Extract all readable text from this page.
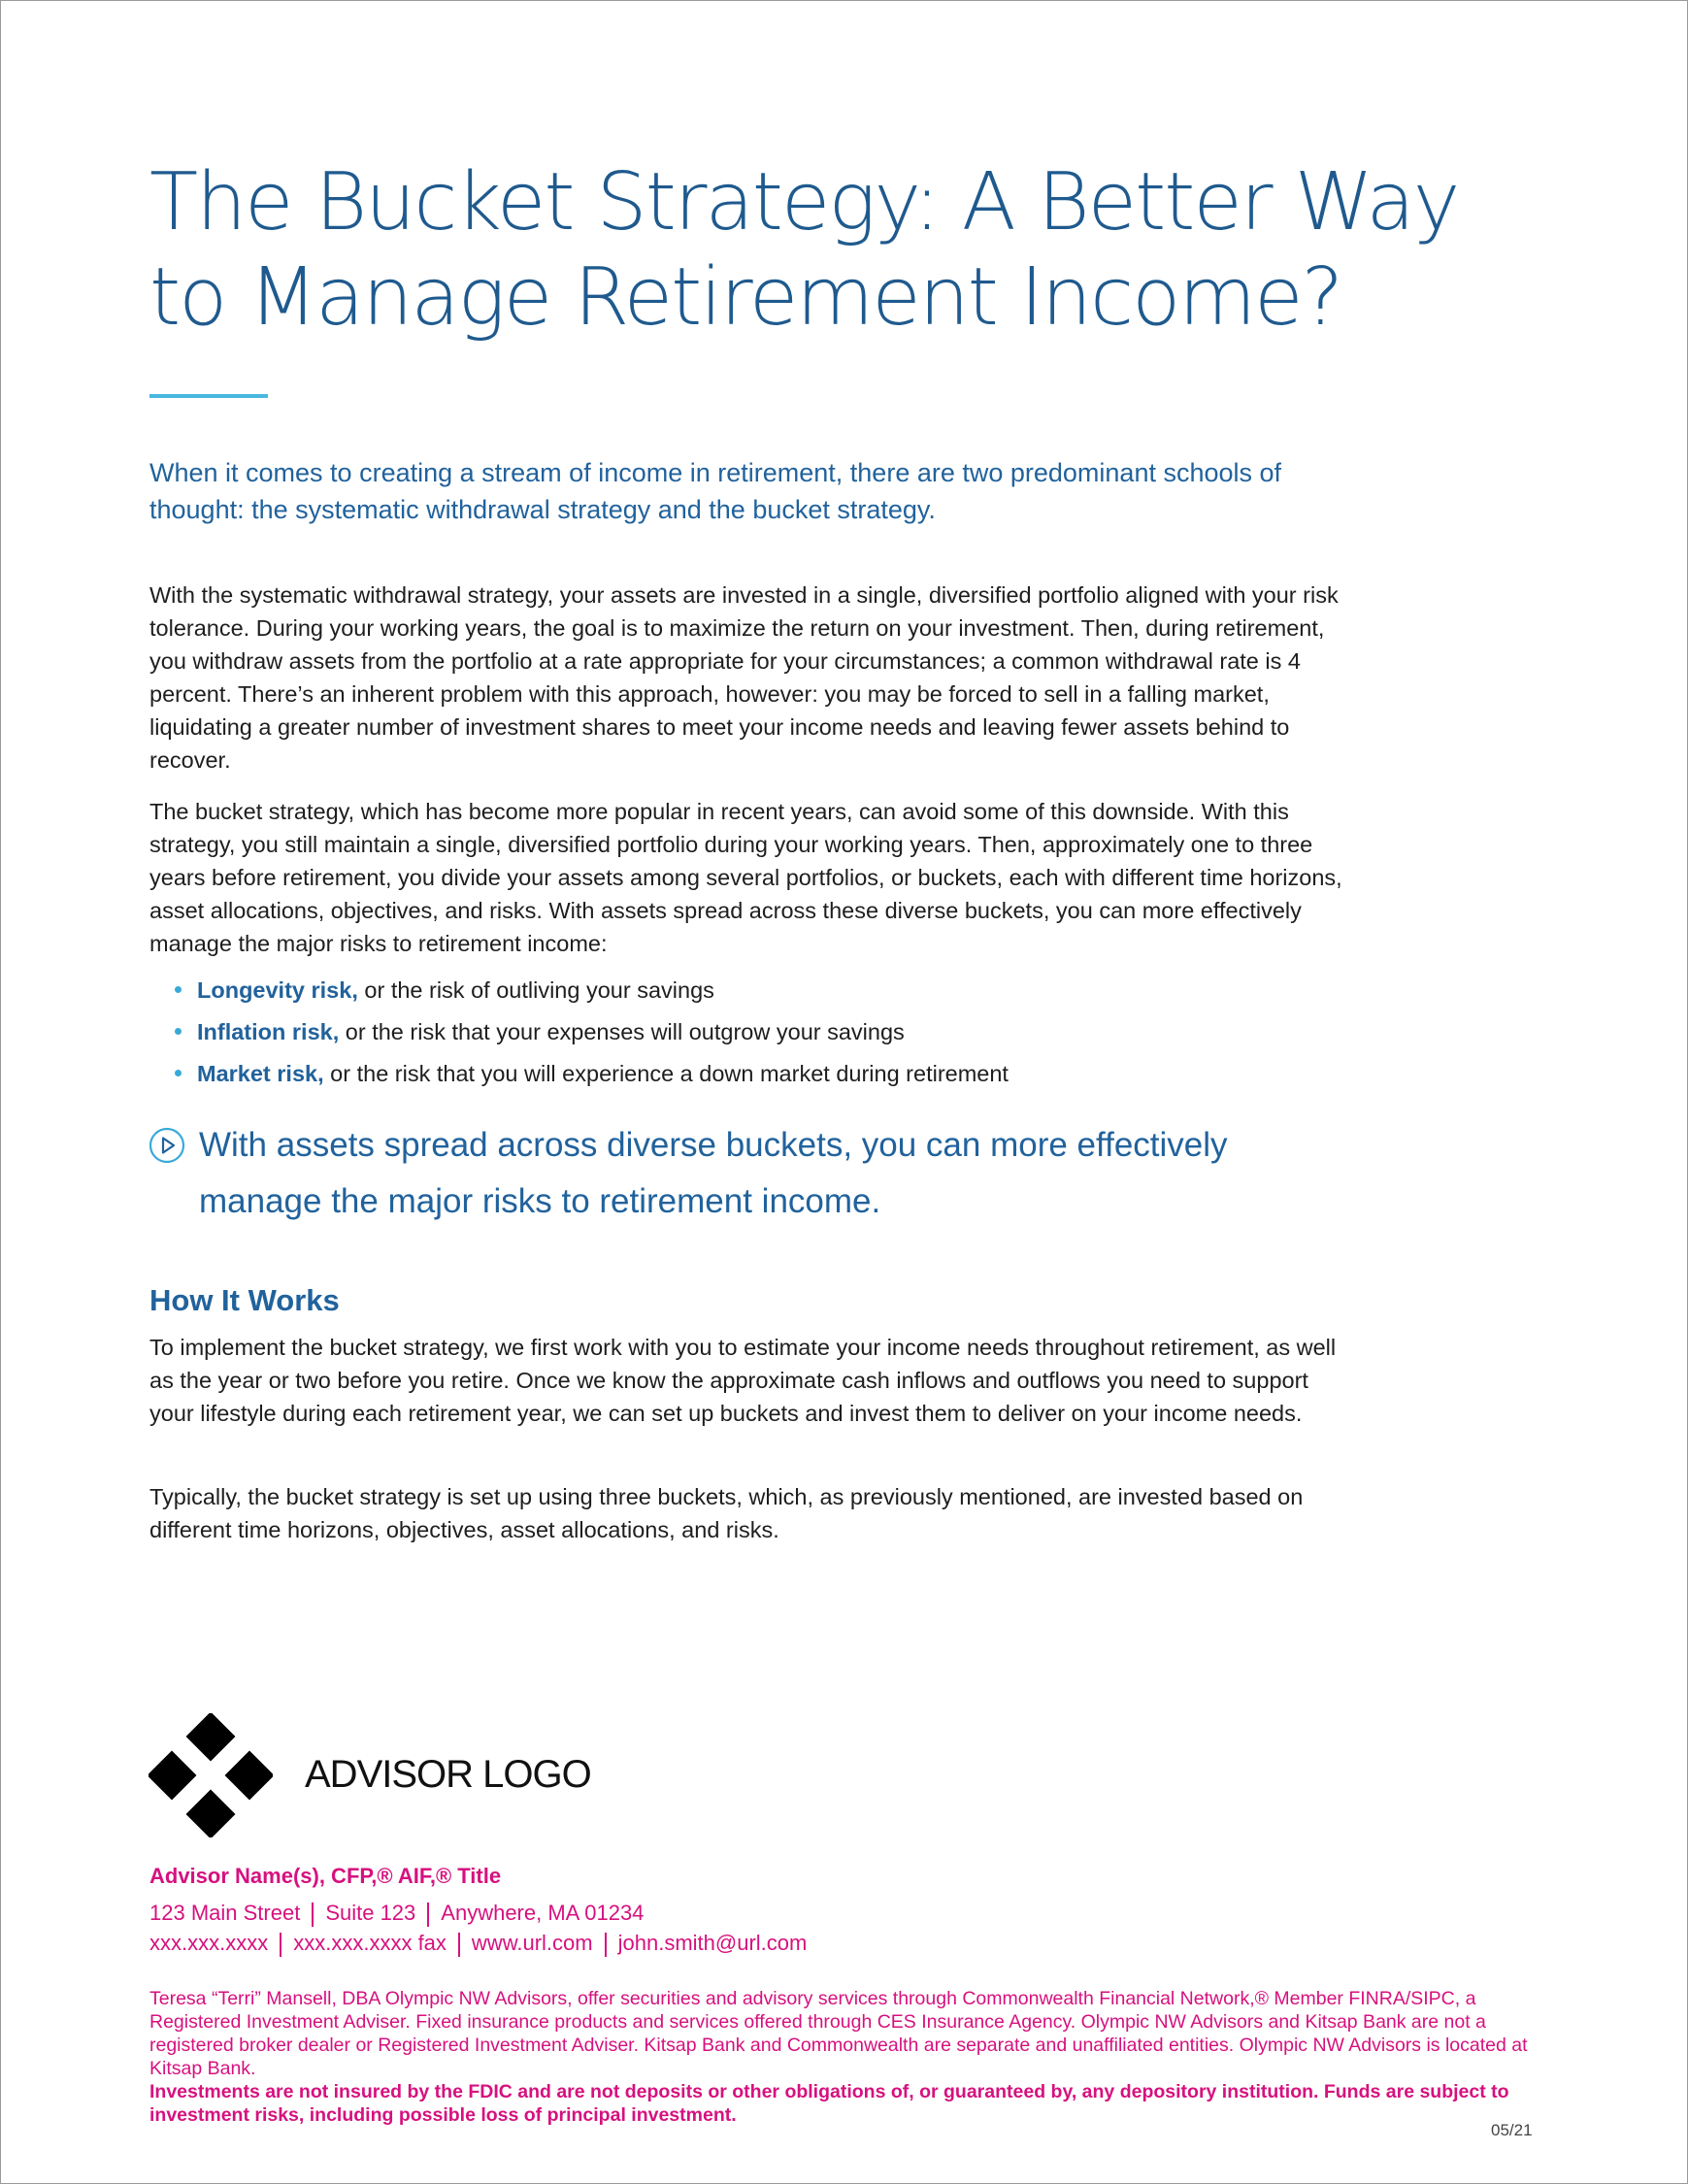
The Bucket Strategy: A Better Way
to Manage Retirement Income?

When it comes to creating a stream of income in retirement, there are two predominant schools of thought: the systematic withdrawal strategy and the bucket strategy.

With the systematic withdrawal strategy, your assets are invested in a single, diversified portfolio aligned with your risk tolerance. During your working years, the goal is to maximize the return on your investment. Then, during retirement, you withdraw assets from the portfolio at a rate appropriate for your circumstances; a common withdrawal rate is 4 percent. There’s an inherent problem with this approach, however: you may be forced to sell in a falling market, liquidating a greater number of investment shares to meet your income needs and leaving fewer assets behind to recover.

The bucket strategy, which has become more popular in recent years, can avoid some of this downside. With this strategy, you still maintain a single, diversified portfolio during your working years. Then, approximately one to three years before retirement, you divide your assets among several portfolios, or buckets, each with different time horizons, asset allocations, objectives, and risks. With assets spread across these diverse buckets, you can more effectively manage the major risks to retirement income:

Longevity risk, or the risk of outliving your savings
Inflation risk, or the risk that your expenses will outgrow your savings
Market risk, or the risk that you will experience a down market during retirement
With assets spread across diverse buckets, you can more effectively
manage the major risks to retirement income.
How It Works

To implement the bucket strategy, we first work with you to estimate your income needs throughout retirement, as well as the year or two before you retire. Once we know the approximate cash inflows and outflows you need to support your lifestyle during each retirement year, we can set up buckets and invest them to deliver on your income needs.

Typically, the bucket strategy is set up using three buckets, which, as previously mentioned, are invested based on different time horizons, objectives, asset allocations, and risks.

ADVISOR LOGO
Advisor Name(s), CFP,® AIF,® Title
123 Main Street Suite 123 Anywhere, MA 01234
xxx.xxx.xxxx xxx.xxx.xxxx fax www.url.com john.smith@url.com

Teresa “Terri” Mansell, DBA Olympic NW Advisors, offer securities and advisory services through Commonwealth Financial Network,® Member FINRA/SIPC, a Registered Investment Adviser. Fixed insurance products and services offered through CES Insurance Agency. Olympic NW Advisors and Kitsap Bank are not a registered broker dealer or Registered Investment Adviser. Kitsap Bank and Commonwealth are separate and unaffiliated entities. Olympic NW Advisors is located at Kitsap Bank.

Investments are not insured by the FDIC and are not deposits or other obligations of, or guaranteed by, any depository institution. Funds are subject to investment risks, including possible loss of principal investment.

05/21
